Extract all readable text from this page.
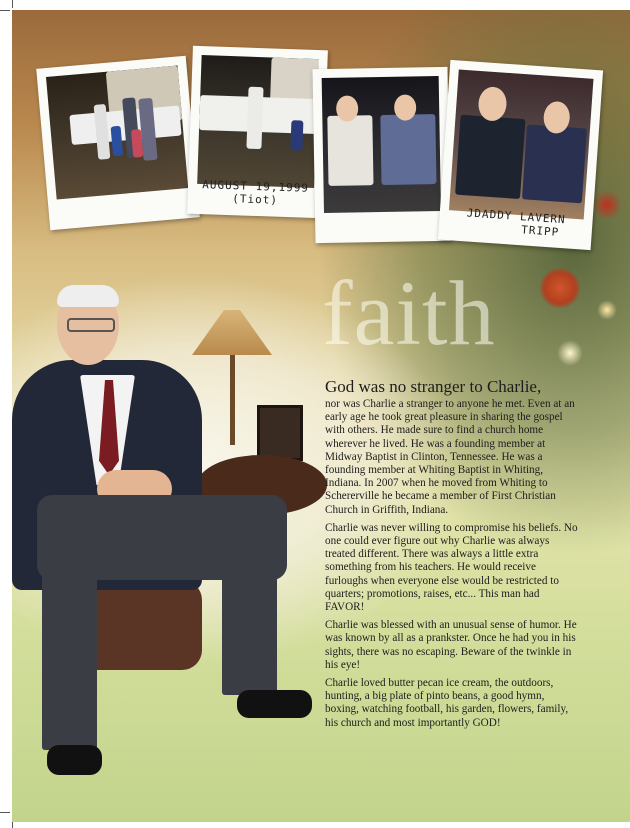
faith
AUGUST 19,1999
(Tiot)
JDADDY LAVERN
TRIPP
God was no stranger to Charlie,

nor was Charlie a stranger to anyone he met. Even at an early age he took great pleasure in sharing the gospel with others. He made sure to find a church home wherever he lived. He was a founding member at Midway Baptist in Clinton, Tennessee. He was a founding member at Whiting Baptist in Whiting, Indiana. In 2007 when he moved from Whiting to Schererville he became a member of First Christian Church in Griffith, Indiana.

Charlie was never willing to compromise his beliefs. No one could ever figure out why Charlie was always treated different. There was always a little extra something from his teachers. He would receive furloughs when everyone else would be restricted to quarters; promotions, raises, etc... This man had FAVOR!

Charlie was blessed with an unusual sense of humor. He was known by all as a prankster. Once he had you in his sights, there was no escaping. Beware of the twinkle in his eye!

Charlie loved butter pecan ice cream, the outdoors, hunting, a big plate of pinto beans, a good hymn, boxing, watching football, his garden, flowers, family, his church and most importantly GOD!
